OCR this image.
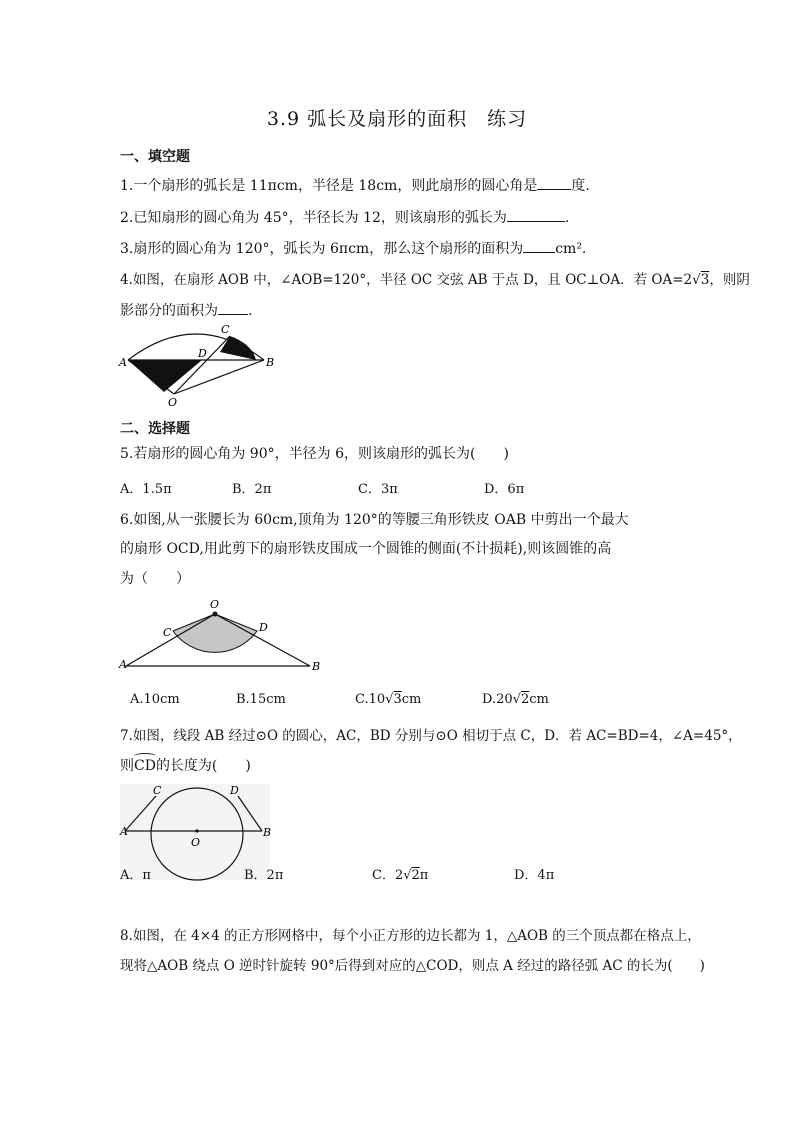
3.9 弧长及扇形的面积　练习
一、填空题
1.一个扇形的弧长是 11πcm，半径是 18cm，则此扇形的圆心角是 度.
2.已知扇形的圆心角为 45°，半径长为 12，则该扇形的弧长为	.
3.扇形的圆心角为 120°，弧长为 6πcm，那么这个扇形的面积为 cm².
4.如图，在扇形 AOB 中，∠AOB=120°，半径 OC 交弦 AB 于点 D，且 OC⊥OA．若 OA=2√3，则阴
影部分的面积为 .
A	B
C
D
O
二、选择题
5.若扇形的圆心角为 90°，半径为 6，则该扇形的弧长为(　　)
A．1.5π	B．2π	C．3π	D．6π
6.如图,从一张腰长为 60cm,顶角为 120°的等腰三角形铁皮 OAB 中剪出一个最大
的扇形 OCD,用此剪下的扇形铁皮围成一个圆锥的侧面(不计损耗),则该圆锥的高
为（　　）
O
C	D
A	B
A.10cm	B.15cm	C.10√3cm	D.20√2cm
7.如图，线段 AB 经过⊙O 的圆心，AC，BD 分别与⊙O 相切于点 C，D．若 AC=BD=4，∠A=45°，
则CD的长度为(　　)
A	B
C	D
O
A．π	B．2π	C．2√2π	D．4π
8.如图，在 4×4 的正方形网格中，每个小正方形的边长都为 1，△AOB 的三个顶点都在格点上，
现将△AOB 绕点 O 逆时针旋转 90°后得到对应的△COD，则点 A 经过的路径弧 AC 的长为(　　)
